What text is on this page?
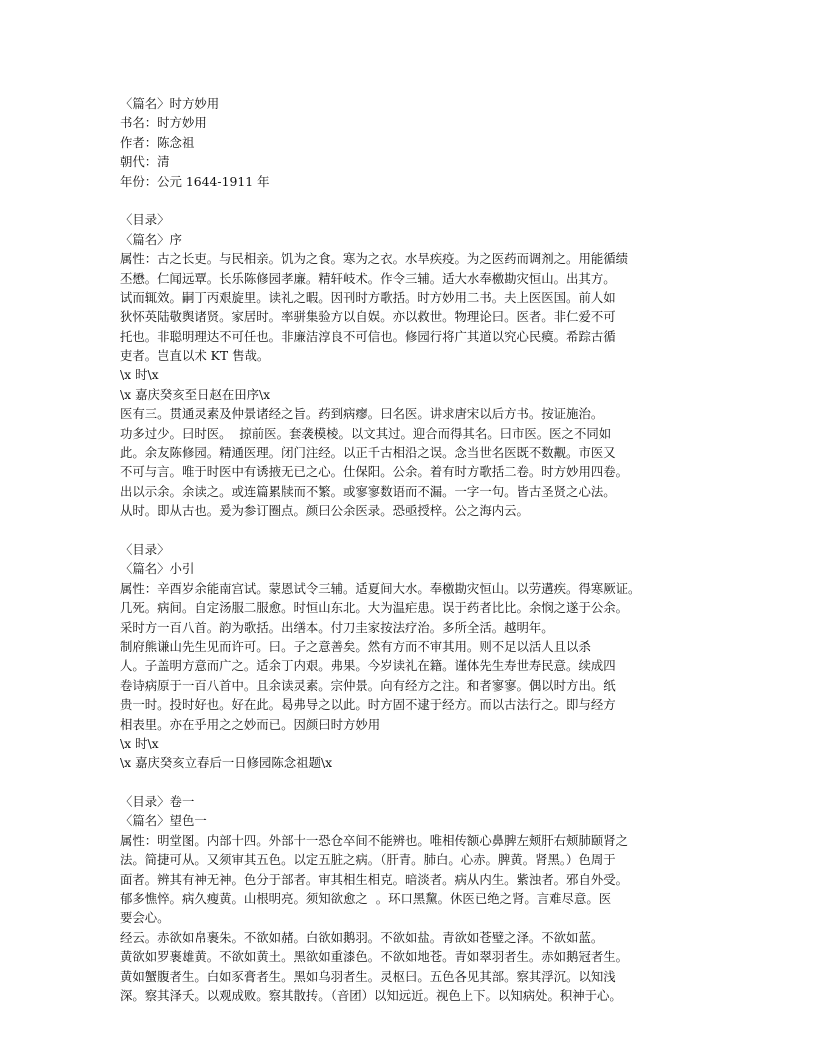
〈篇名〉时方妙用
书名：时方妙用
作者：陈念祖
朝代：清
年份：公元 1644-1911 年
〈目录〉
〈篇名〉序
属性：古之长吏。与民相亲。饥为之食。寒为之衣。水旱疾疫。为之医药而调剂之。用能循绩
丕懋。仁闻远覃。长乐陈修园孝廉。精轩岐术。作令三辅。适大水奉檄勘灾恒山。出其方。
试而辄效。嗣丁丙艰旋里。读礼之暇。因刊时方歌括。时方妙用二书。夫上医医国。前人如
狄怀英陆敬舆诸贤。家居时。率骈集验方以自娱。亦以救世。物理论曰。医者。非仁爱不可
托也。非聪明理达不可任也。非廉洁淳良不可信也。修园行将广其道以究心民瘼。希踪古循
吏者。岂直以术 KT 售哉。
\x 时\x
\x 嘉庆癸亥至日赵在田序\x
医有三。贯通灵素及仲景诸经之旨。药到病瘳。曰名医。讲求唐宋以后方书。按证施治。
功多过少。曰时医。  掠前医。套袭模棱。以文其过。迎合而得其名。曰市医。医之不同如
此。余友陈修园。精通医理。闭门注经。以正千古相沿之误。念当世名医既不数觏。市医又
不可与言。唯于时医中有诱掖无已之心。仕保阳。公余。着有时方歌括二卷。时方妙用四卷。
出以示余。余读之。或连篇累牍而不繁。或寥寥数语而不漏。一字一句。皆古圣贤之心法。
从时。即从古也。爰为参订圈点。颜曰公余医录。恐亟授梓。公之海内云。
〈目录〉
〈篇名〉小引
属性：辛酉岁余能南宫试。蒙恩试令三辅。适夏间大水。奉檄勘灾恒山。以劳遘疾。得寒厥证。
几死。病间。自定汤服二服愈。时恒山东北。大为温疟患。误于药者比比。余悯之遂于公余。
采时方一百八首。韵为歌括。出缮本。付刀圭家按法疗治。多所全活。越明年。
制府熊谦山先生见而许可。曰。子之意善矣。然有方而不审其用。则不足以活人且以杀
人。子盖明方意而广之。适余丁内艰。弗果。今岁读礼在籍。谨体先生寿世寿民意。续成四
卷诗病原于一百八首中。且余读灵素。宗仲景。向有经方之注。和者寥寥。偶以时方出。纸
贵一时。投时好也。好在此。曷弗导之以此。时方固不逮于经方。而以古法行之。即与经方
相表里。亦在乎用之之妙而已。因颜曰时方妙用
\x 时\x
\x 嘉庆癸亥立春后一日修园陈念祖题\x
〈目录〉卷一
〈篇名〉望色一
属性：明堂图。内部十四。外部十一恐仓卒间不能辨也。唯相传额心鼻脾左颊肝右颊肺颐肾之
法。简捷可从。又须审其五色。以定五脏之病。（肝青。肺白。心赤。脾黄。肾黑。）色周于
面者。辨其有神无神。色分于部者。审其相生相克。暗淡者。病从内生。紫浊者。邪自外受。
郁多憔悴。病久瘦黄。山根明亮。须知欲愈之  。环口黑黧。休医已绝之肾。言难尽意。医
要会心。
经云。赤欲如帛裹朱。不欲如赭。白欲如鹅羽。不欲如盐。青欲如苍璧之泽。不欲如蓝。
黄欲如罗裹雄黄。不欲如黄土。黑欲如重漆色。不欲如地苍。青如翠羽者生。赤如鹅冠者生。
黄如蟹腹者生。白如豕膏者生。黑如乌羽者生。灵枢曰。五色各见其部。察其浮沉。以知浅
深。察其泽夭。以观成败。察其散抟。（音团）以知远近。视色上下。以知病处。积神于心。
